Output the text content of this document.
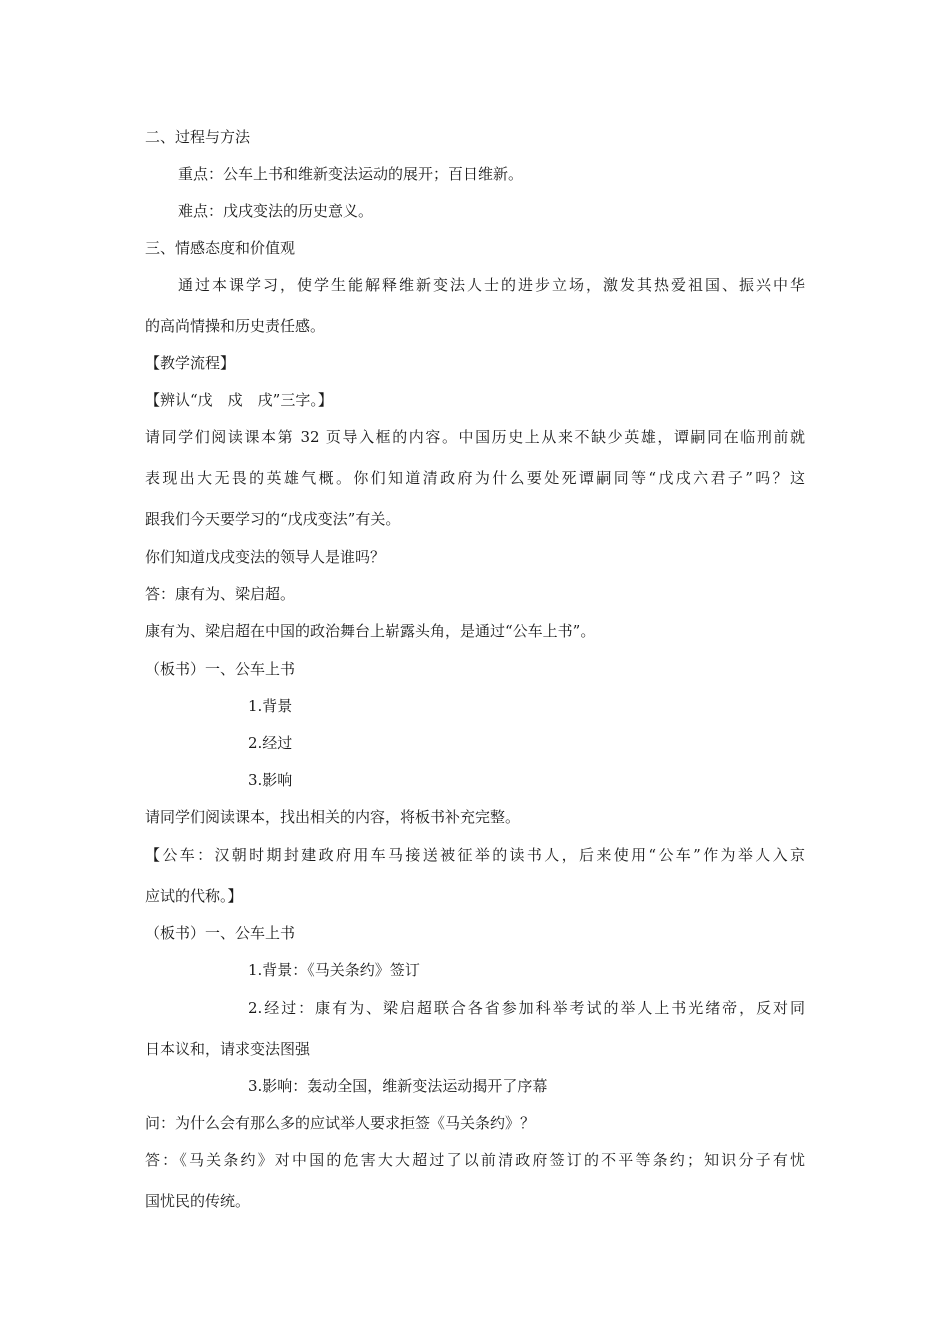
二、过程与方法
重点：公车上书和维新变法运动的展开；百日维新。
难点：戊戌变法的历史意义。
三、情感态度和价值观
通过本课学习，使学生能解释维新变法人士的进步立场，激发其热爱祖国、振兴中华
的高尚情操和历史责任感。
【教学流程】
【辨认“戊　戍　戌”三字。】
请同学们阅读课本第 32 页导入框的内容。中国历史上从来不缺少英雄，谭嗣同在临刑前就
表现出大无畏的英雄气概。你们知道清政府为什么要处死谭嗣同等“戊戌六君子”吗？这
跟我们今天要学习的“戊戌变法”有关。
你们知道戊戌变法的领导人是谁吗？
答：康有为、梁启超。
康有为、梁启超在中国的政治舞台上崭露头角，是通过“公车上书”。
（板书）一、公车上书
1.背景
2.经过
3.影响
请同学们阅读课本，找出相关的内容，将板书补充完整。
【公车：汉朝时期封建政府用车马接送被征举的读书人，后来使用“公车”作为举人入京
应试的代称。】
（板书）一、公车上书
1.背景：《马关条约》签订
2.经过：康有为、梁启超联合各省参加科举考试的举人上书光绪帝，反对同
日本议和，请求变法图强
3.影响：轰动全国，维新变法运动揭开了序幕
问：为什么会有那么多的应试举人要求拒签《马关条约》？
答：《马关条约》对中国的危害大大超过了以前清政府签订的不平等条约；知识分子有忧
国忧民的传统。
